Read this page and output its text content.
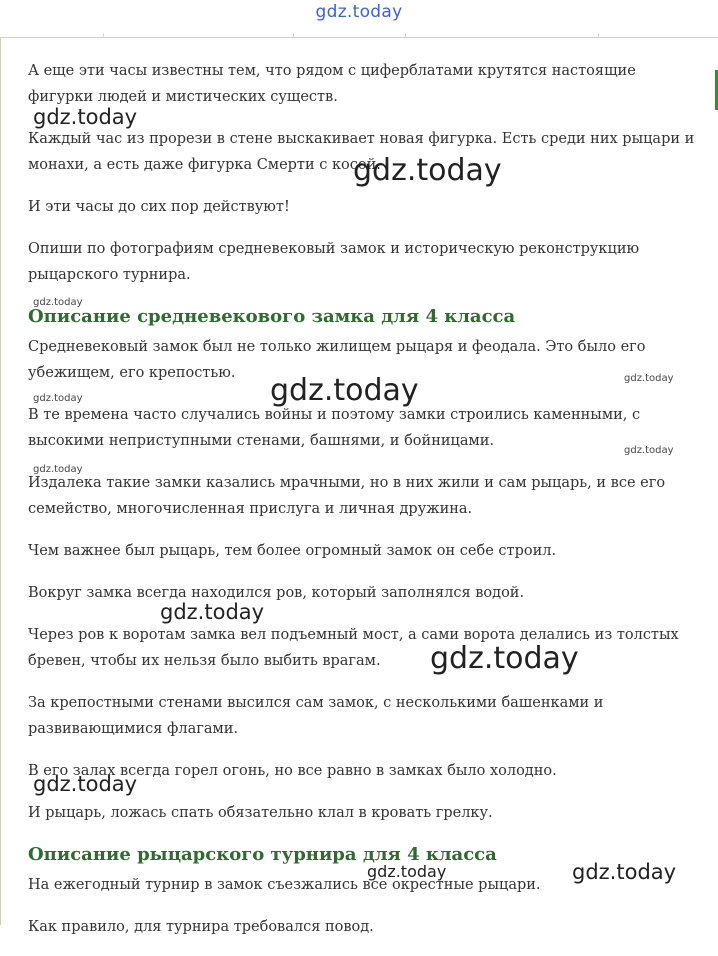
gdz.today

А еще эти часы известны тем, что рядом с циферблатами крутятся настоящие фигурки людей и мистических существ.

Каждый час из прорези в стене выскакивает новая фигурка. Есть среди них рыцари и монахи, а есть даже фигурка Смерти с косой.

И эти часы до сих пор действуют!

Опиши по фотографиям средневековый замок и историческую реконструкцию рыцарского турнира.

Описание средневекового замка для 4 класса

Средневековый замок был не только жилищем рыцаря и феодала. Это было его убежищем, его крепостью.

В те времена часто случались войны и поэтому замки строились каменными, с высокими неприступными стенами, башнями, и бойницами.

Издалека такие замки казались мрачными, но в них жили и сам рыцарь, и все его семейство, многочисленная прислуга и личная дружина.

Чем важнее был рыцарь, тем более огромный замок он себе строил.

Вокруг замка всегда находился ров, который заполнялся водой.

Через ров к воротам замка вел подъемный мост, а сами ворота делались из толстых бревен, чтобы их нельзя было выбить врагам.

За крепостными стенами высился сам замок, с несколькими башенками и развивающимися флагами.

В его залах всегда горел огонь, но все равно в замках было холодно.

И рыцарь, ложась спать обязательно клал в кровать грелку.

Описание рыцарского турнира для 4 класса

На ежегодный турнир в замок съезжались все окрестные рыцари.

Как правило, для турнира требовался повод.

gdz.today
gdz.today
gdz.today
gdz.today	gdz.today
gdz.today
gdz.today
gdz.today
gdz.today
gdz.today
gdz.today
gdz.today
gdz.today
